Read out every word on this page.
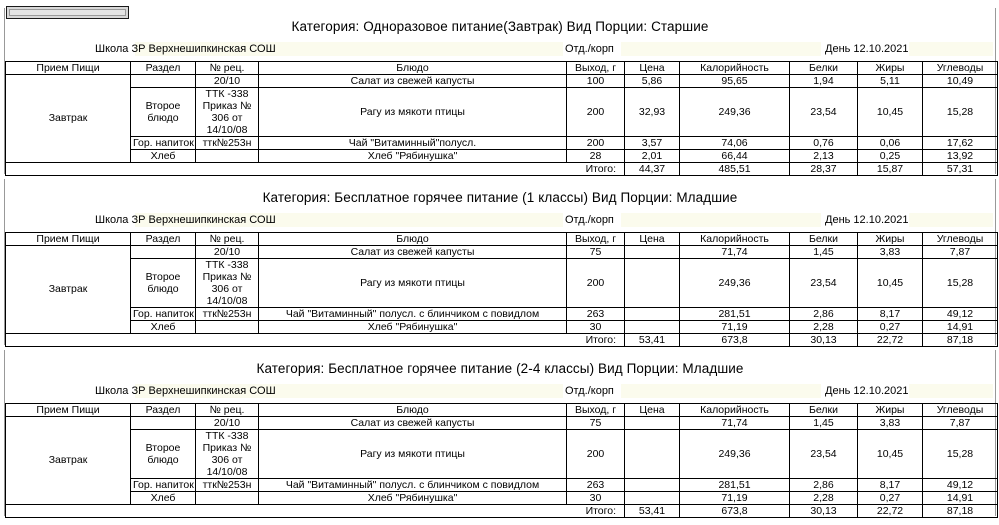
Категория: Одноразовое питание(Завтрак) Вид Порции: Старшие
Школа ЗР Верхнешипкинская СОШ	Отд./корп	День 12.10.2021
Прием Пищи	Раздел	№ рец.	Блюдо	Выход, г	Цена	Калорийность	Белки	Жиры	Углеводы
Завтрак		20/10	Салат из свежей капусты	100	5,86	95,65	1,94	5,11	10,49
	Второе блюдо	ТТК -338 Приказ № 306 от 14/10/08	Рагу из мякоти птицы	200	32,93	249,36	23,54	10,45	15,28
	Гор. напиток	ттк№253н	Чай "Витаминный"полусл.	200	3,57	74,06	0,76	0,06	17,62
	Хлеб		Хлеб "Рябинушка"	28	2,01	66,44	2,13	0,25	13,92
Итого:					44,37	485,51	28,37	15,87	57,31
Категория: Бесплатное горячее питание (1 классы) Вид Порции: Младшие
Школа ЗР Верхнешипкинская СОШ	Отд./корп	День 12.10.2021
Прием Пищи	Раздел	№ рец.	Блюдо	Выход, г	Цена	Калорийность	Белки	Жиры	Углеводы
Завтрак		20/10	Салат из свежей капусты	75		71,74	1,45	3,83	7,87
	Второе блюдо	ТТК -338 Приказ № 306 от 14/10/08	Рагу из мякоти птицы	200		249,36	23,54	10,45	15,28
	Гор. напиток	ттк№253н	Чай "Витаминный" полусл. с блинчиком с повидлом	263		281,51	2,86	8,17	49,12
	Хлеб		Хлеб "Рябинушка"	30		71,19	2,28	0,27	14,91
Итого:					53,41	673,8	30,13	22,72	87,18
Категория: Бесплатное горячее питание (2-4 классы) Вид Порции: Младшие
Школа ЗР Верхнешипкинская СОШ	Отд./корп	День 12.10.2021
Прием Пищи	Раздел	№ рец.	Блюдо	Выход, г	Цена	Калорийность	Белки	Жиры	Углеводы
Завтрак		20/10	Салат из свежей капусты	75		71,74	1,45	3,83	7,87
	Второе блюдо	ТТК -338 Приказ № 306 от 14/10/08	Рагу из мякоти птицы	200		249,36	23,54	10,45	15,28
	Гор. напиток	ттк№253н	Чай "Витаминный" полусл. с блинчиком с повидлом	263		281,51	2,86	8,17	49,12
	Хлеб		Хлеб "Рябинушка"	30		71,19	2,28	0,27	14,91
Итого:					53,41	673,8	30,13	22,72	87,18
